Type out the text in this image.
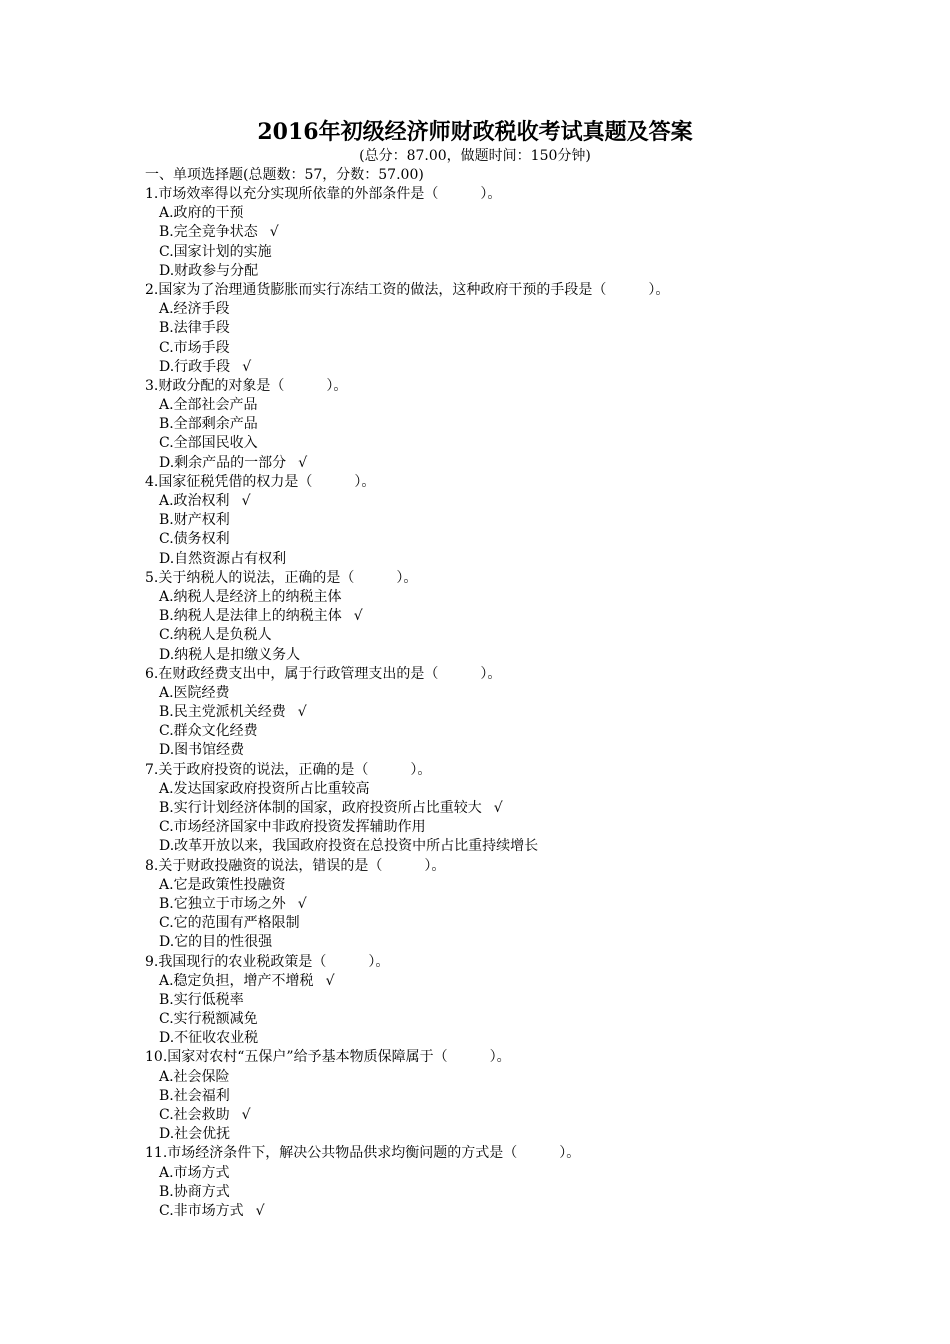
2016年初级经济师财政税收考试真题及答案
(总分：87.00，做题时间：150分钟)
一、单项选择题(总题数：57，分数：57.00)
1.市场效率得以充分实现所依靠的外部条件是（　　　）。
A.政府的干预
B.完全竞争状态 √
C.国家计划的实施
D.财政参与分配
2.国家为了治理通货膨胀而实行冻结工资的做法，这种政府干预的手段是（　　　）。
A.经济手段
B.法律手段
C.市场手段
D.行政手段 √
3.财政分配的对象是（　　　）。
A.全部社会产品
B.全部剩余产品
C.全部国民收入
D.剩余产品的一部分 √
4.国家征税凭借的权力是（　　　）。
A.政治权利 √
B.财产权利
C.债务权利
D.自然资源占有权利
5.关于纳税人的说法，正确的是（　　　）。
A.纳税人是经济上的纳税主体
B.纳税人是法律上的纳税主体 √
C.纳税人是负税人
D.纳税人是扣缴义务人
6.在财政经费支出中，属于行政管理支出的是（　　　）。
A.医院经费
B.民主党派机关经费 √
C.群众文化经费
D.图书馆经费
7.关于政府投资的说法，正确的是（　　　）。
A.发达国家政府投资所占比重较高
B.实行计划经济体制的国家，政府投资所占比重较大 √
C.市场经济国家中非政府投资发挥辅助作用
D.改革开放以来，我国政府投资在总投资中所占比重持续增长
8.关于财政投融资的说法，错误的是（　　　）。
A.它是政策性投融资
B.它独立于市场之外 √
C.它的范围有严格限制
D.它的目的性很强
9.我国现行的农业税政策是（　　　）。
A.稳定负担，增产不增税 √
B.实行低税率
C.实行税额减免
D.不征收农业税
10.国家对农村“五保户”给予基本物质保障属于（　　　）。
A.社会保险
B.社会福利
C.社会救助 √
D.社会优抚
11.市场经济条件下，解决公共物品供求均衡问题的方式是（　　　）。
A.市场方式
B.协商方式
C.非市场方式 √
